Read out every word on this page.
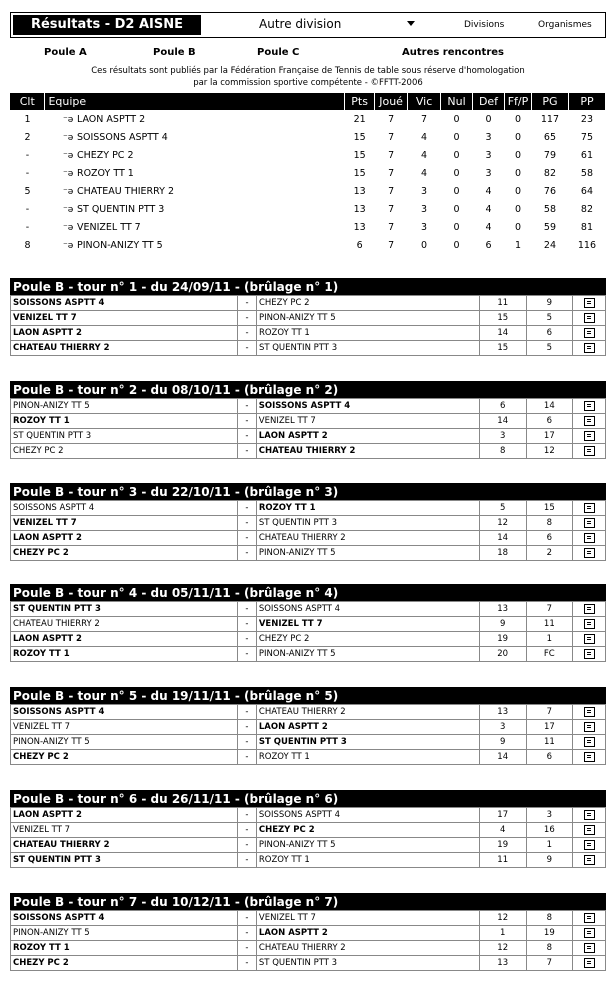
Résultats - D2 AISNE	Autre division	Divisions	Organismes
Poule A	Poule B	Poule C	Autres rencontres
Ces résultats sont publiés par la Fédération Française de Tennis de table sous réserve d'homologation
par la commission sportive compétente - ©FFTT-2006
Clt	Equipe	Pts	Joué	Vic	Nul	Def	Ff/P	PG	PP
1	⁻ǝ LAON ASPTT 2	21	7	7	0	0	0	117	23
2	⁻ǝ SOISSONS ASPTT 4	15	7	4	0	3	0	65	75
-	⁻ǝ CHEZY PC 2	15	7	4	0	3	0	79	61
-	⁻ǝ ROZOY TT 1	15	7	4	0	3	0	82	58
5	⁻ǝ CHATEAU THIERRY 2	13	7	3	0	4	0	76	64
-	⁻ǝ ST QUENTIN PTT 3	13	7	3	0	4	0	58	82
-	⁻ǝ VENIZEL TT 7	13	7	3	0	4	0	59	81
8	⁻ǝ PINON-ANIZY TT 5	6	7	0	0	6	1	24	116
Poule B - tour n° 1 - du 24/09/11 - (brûlage n° 1)					
SOISSONS ASPTT 4	-	CHEZY PC 2	11	9	
VENIZEL TT 7	-	PINON-ANIZY TT 5	15	5	
LAON ASPTT 2	-	ROZOY TT 1	14	6	
CHATEAU THIERRY 2	-	ST QUENTIN PTT 3	15	5	
Poule B - tour n° 2 - du 08/10/11 - (brûlage n° 2)					
PINON-ANIZY TT 5	-	SOISSONS ASPTT 4	6	14	
ROZOY TT 1	-	VENIZEL TT 7	14	6	
ST QUENTIN PTT 3	-	LAON ASPTT 2	3	17	
CHEZY PC 2	-	CHATEAU THIERRY 2	8	12	
Poule B - tour n° 3 - du 22/10/11 - (brûlage n° 3)					
SOISSONS ASPTT 4	-	ROZOY TT 1	5	15	
VENIZEL TT 7	-	ST QUENTIN PTT 3	12	8	
LAON ASPTT 2	-	CHATEAU THIERRY 2	14	6	
CHEZY PC 2	-	PINON-ANIZY TT 5	18	2	
Poule B - tour n° 4 - du 05/11/11 - (brûlage n° 4)					
ST QUENTIN PTT 3	-	SOISSONS ASPTT 4	13	7	
CHATEAU THIERRY 2	-	VENIZEL TT 7	9	11	
LAON ASPTT 2	-	CHEZY PC 2	19	1	
ROZOY TT 1	-	PINON-ANIZY TT 5	20	FC	
Poule B - tour n° 5 - du 19/11/11 - (brûlage n° 5)					
SOISSONS ASPTT 4	-	CHATEAU THIERRY 2	13	7	
VENIZEL TT 7	-	LAON ASPTT 2	3	17	
PINON-ANIZY TT 5	-	ST QUENTIN PTT 3	9	11	
CHEZY PC 2	-	ROZOY TT 1	14	6	
Poule B - tour n° 6 - du 26/11/11 - (brûlage n° 6)					
LAON ASPTT 2	-	SOISSONS ASPTT 4	17	3	
VENIZEL TT 7	-	CHEZY PC 2	4	16	
CHATEAU THIERRY 2	-	PINON-ANIZY TT 5	19	1	
ST QUENTIN PTT 3	-	ROZOY TT 1	11	9	
Poule B - tour n° 7 - du 10/12/11 - (brûlage n° 7)					
SOISSONS ASPTT 4	-	VENIZEL TT 7	12	8	
PINON-ANIZY TT 5	-	LAON ASPTT 2	1	19	
ROZOY TT 1	-	CHATEAU THIERRY 2	12	8	
CHEZY PC 2	-	ST QUENTIN PTT 3	13	7	
